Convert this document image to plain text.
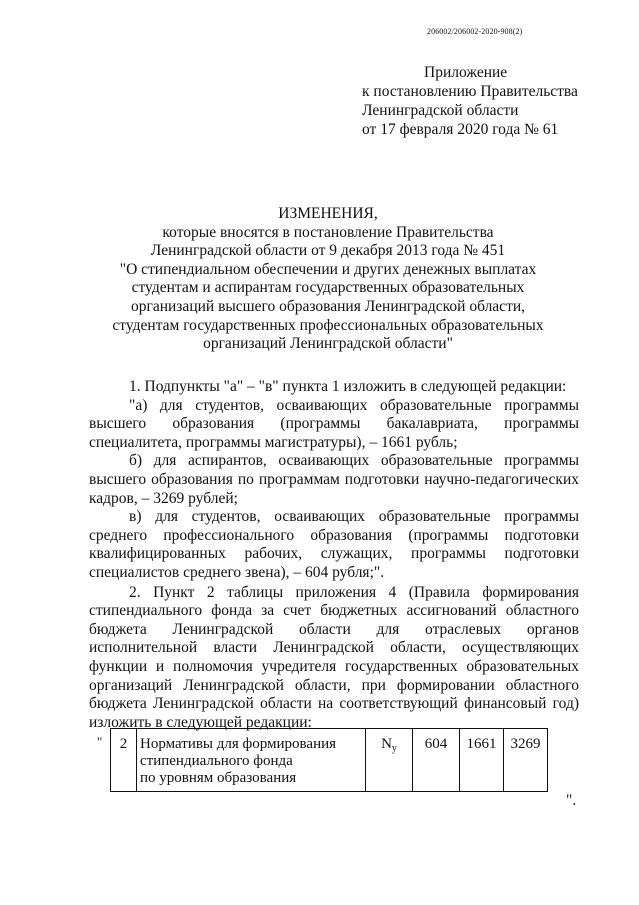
206002/206002-2020-908(2)
Приложение
к постановлению Правительства
Ленинградской области
от 17 февраля 2020 года № 61
ИЗМЕНЕНИЯ,
которые вносятся в постановление Правительства
Ленинградской области от 9 декабря 2013 года № 451
"О стипендиальном обеспечении и других денежных выплатах
студентам и аспирантам государственных образовательных
организаций высшего образования Ленинградской области,
студентам государственных профессиональных образовательных
организаций Ленинградской области"

1. Подпункты "а" – "в" пункта 1 изложить в следующей редакции:

"а) для студентов, осваивающих образовательные программы высшего образования (программы бакалавриата, программы специалитета, программы магистратуры), – 1661 рубль;

б) для аспирантов, осваивающих образовательные программы высшего образования по программам подготовки научно-педагогических кадров, – 3269 рублей;

в) для студентов, осваивающих образовательные программы среднего профессионального образования (программы подготовки квалифицированных рабочих, служащих, программы подготовки специалистов среднего звена), – 604 рубля;".

2. Пункт 2 таблицы приложения 4 (Правила формирования стипендиального фонда за счет бюджетных ассигнований областного бюджета Ленинградской области для отраслевых органов исполнительной власти Ленинградской области, осуществляющих функции и полномочия учредителя государственных образовательных организаций Ленинградской области, при формировании областного бюджета Ленинградской области на соответствующий финансовый год) изложить в следующей редакции:

" 2	Нормативы для формирования
стипендиального фонда
по уровням образования
	$N_у$	604	1661	3269
".
